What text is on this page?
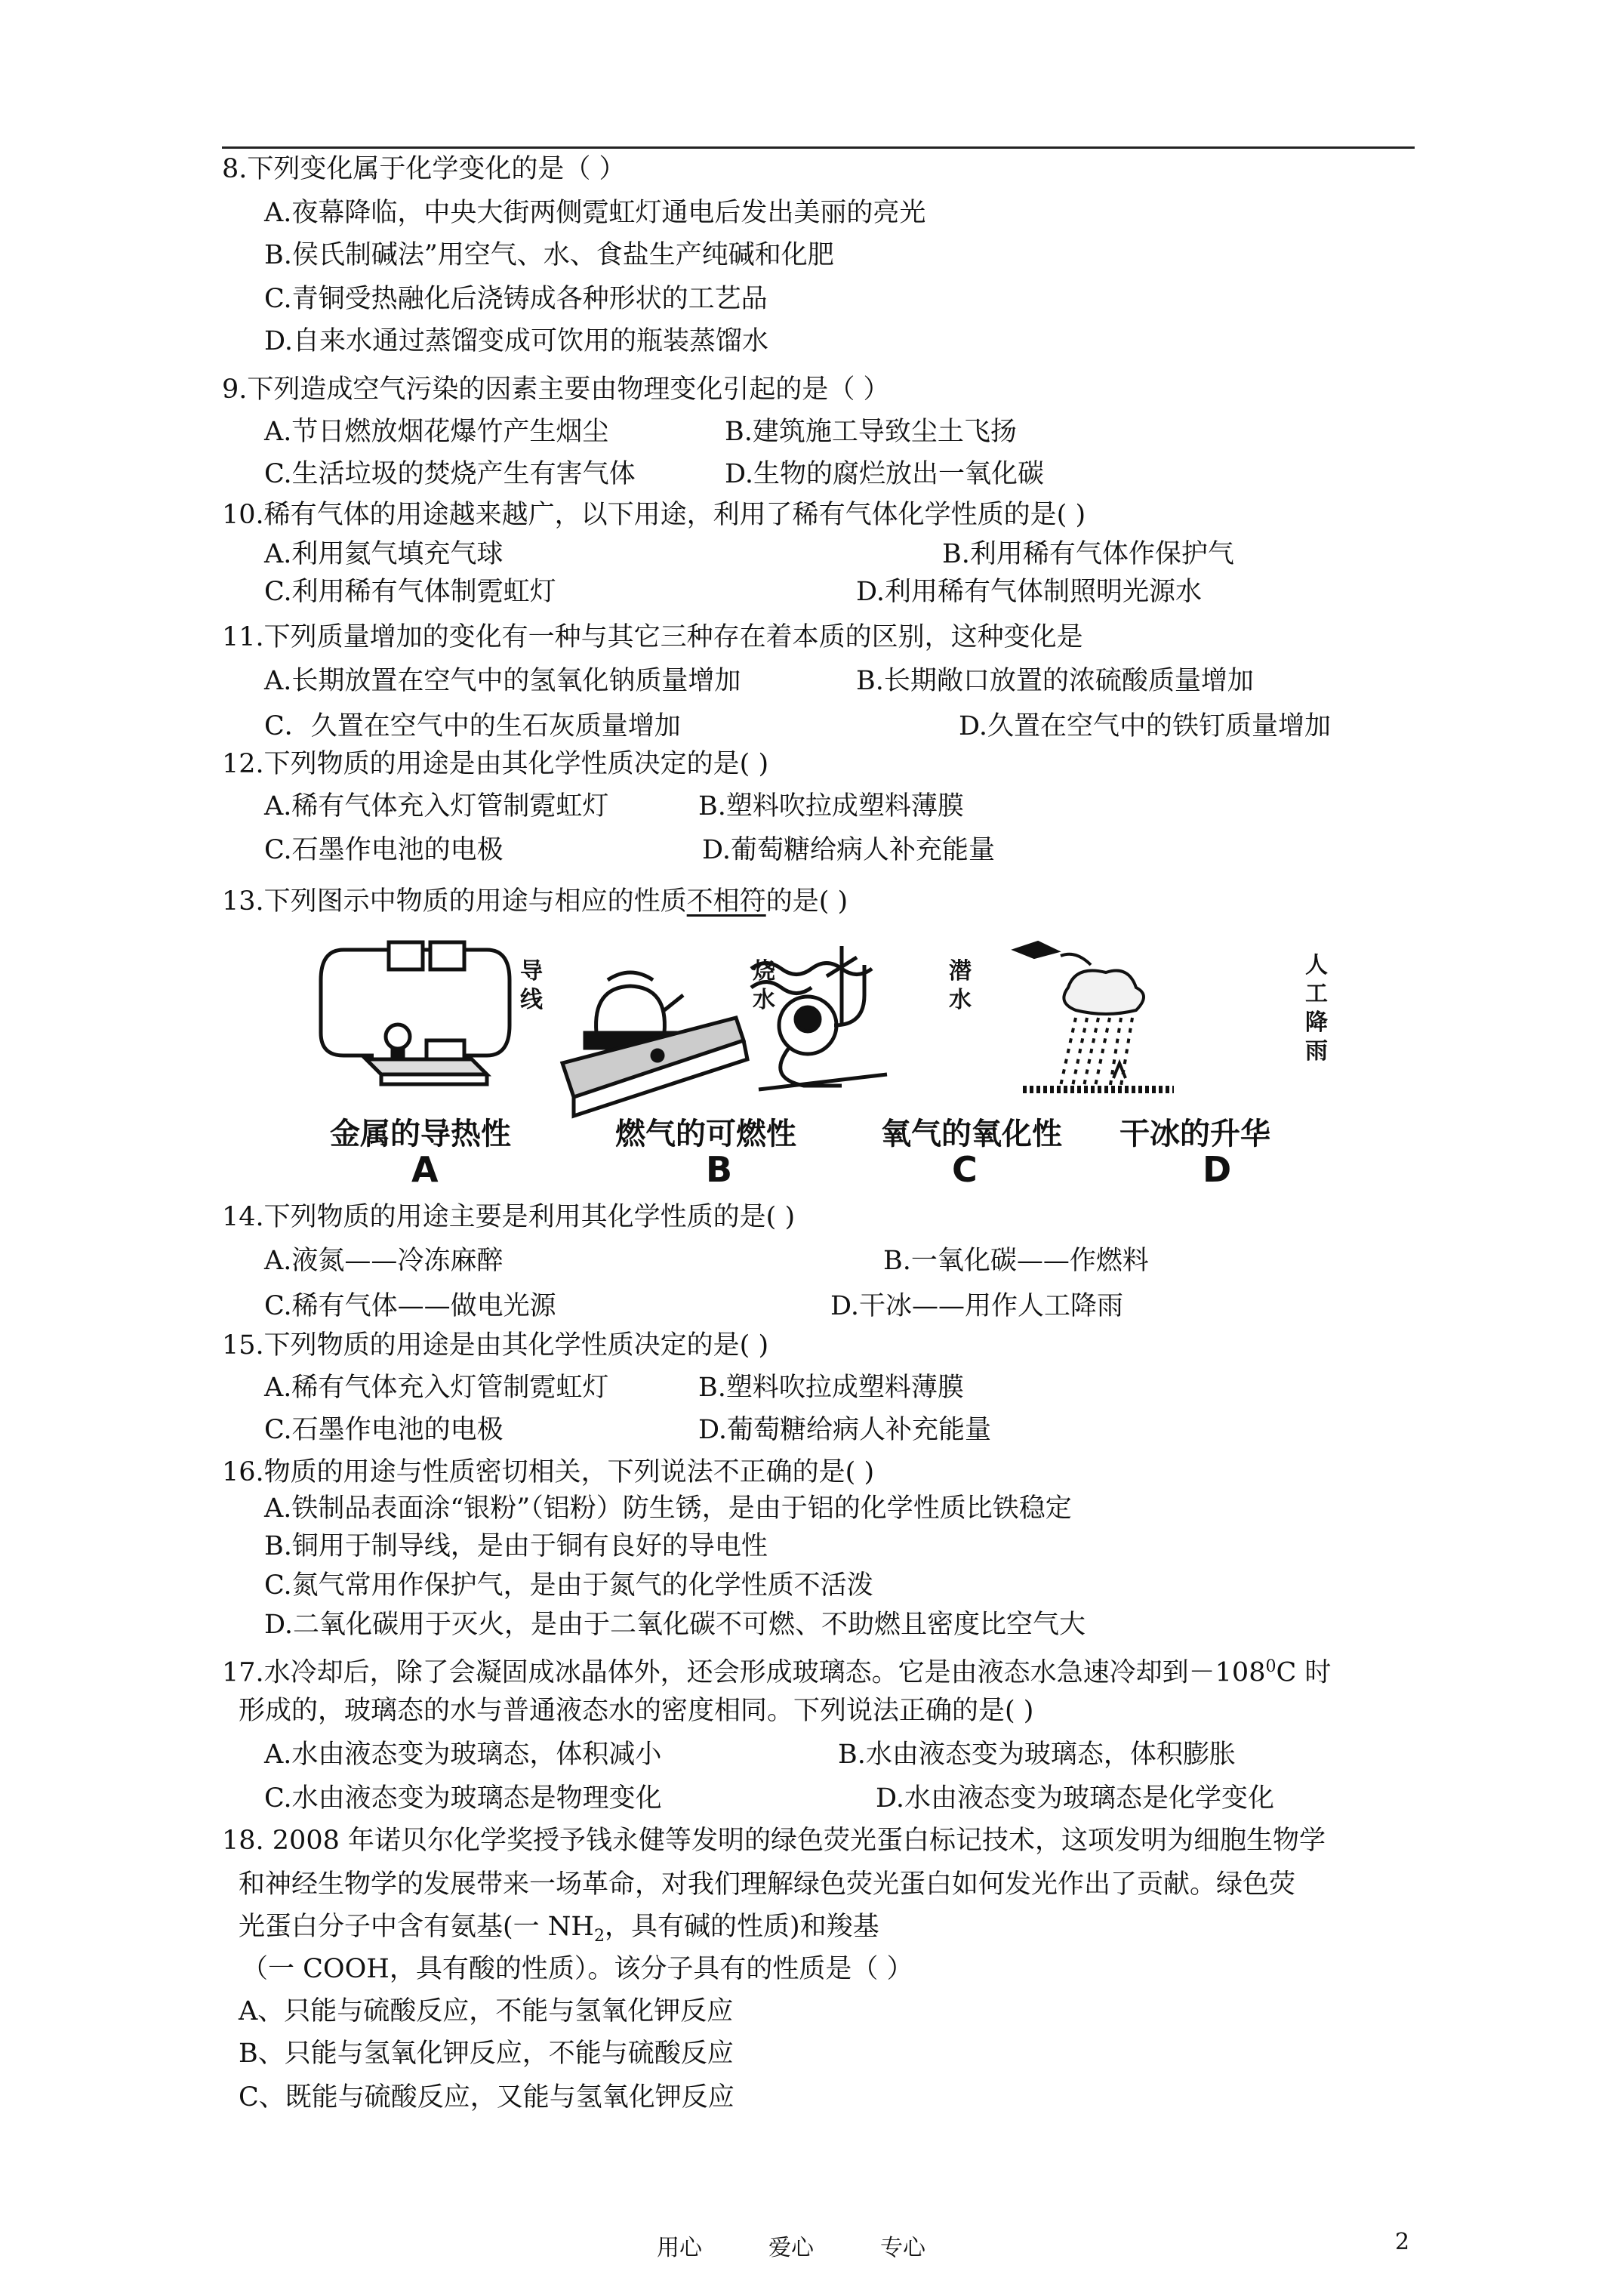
8.下列变化属于化学变化的是（ ）
A.夜幕降临，中央大街两侧霓虹灯通电后发出美丽的亮光
B.侯氏制碱法”用空气、水、食盐生产纯碱和化肥
C.青铜受热融化后浇铸成各种形状的工艺品
D.自来水通过蒸馏变成可饮用的瓶装蒸馏水
9.下列造成空气污染的因素主要由物理变化引起的是（ ）
A.节日燃放烟花爆竹产生烟尘	B.建筑施工导致尘土飞扬
C.生活垃圾的焚烧产生有害气体	D.生物的腐烂放出一氧化碳
10.稀有气体的用途越来越广，以下用途，利用了稀有气体化学性质的是( )
A.利用氦气填充气球	B.利用稀有气体作保护气
C.利用稀有气体制霓虹灯	D.利用稀有气体制照明光源水
11.下列质量增加的变化有一种与其它三种存在着本质的区别，这种变化是
A.长期放置在空气中的氢氧化钠质量增加	B.长期敞口放置的浓硫酸质量增加
C．久置在空气中的生石灰质量增加	D.久置在空气中的铁钉质量增加
12.下列物质的用途是由其化学性质决定的是( )
A.稀有气体充入灯管制霓虹灯	B.塑料吹拉成塑料薄膜
C.石墨作电池的电极	D.葡萄糖给病人补充能量
13.下列图示中物质的用途与相应的性质不相符的是( )
导线
烧水
潜水
人工降雨
金属的导热性	燃气的可燃性	氧气的氧化性 干冰的升华
A	B	C	D
14.下列物质的用途主要是利用其化学性质的是( )
A.液氮——冷冻麻醉	B.一氧化碳——作燃料
C.稀有气体——做电光源	D.干冰——用作人工降雨
15.下列物质的用途是由其化学性质决定的是( )
A.稀有气体充入灯管制霓虹灯	B.塑料吹拉成塑料薄膜
C.石墨作电池的电极	D.葡萄糖给病人补充能量
16.物质的用途与性质密切相关，下列说法不正确的是( )
A.铁制品表面涂“银粉”（铝粉）防生锈，是由于铝的化学性质比铁稳定
B.铜用于制导线，是由于铜有良好的导电性
C.氮气常用作保护气，是由于氮气的化学性质不活泼
D.二氧化碳用于灭火，是由于二氧化碳不可燃、不助燃且密度比空气大
17.水冷却后，除了会凝固成冰晶体外，还会形成玻璃态。它是由液态水急速冷却到$-108^0C$ 时
形成的，玻璃态的水与普通液态水的密度相同。下列说法正确的是( )
A.水由液态变为玻璃态，体积减小	B.水由液态变为玻璃态，体积膨胀
C.水由液态变为玻璃态是物理变化	D.水由液态变为玻璃态是化学变化
18. 2008 年诺贝尔化学奖授予钱永健等发明的绿色荧光蛋白标记技术，这项发明为细胞生物学
和神经生物学的发展带来一场革命，对我们理解绿色荧光蛋白如何发光作出了贡献。绿色荧
光蛋白分子中含有氨基(一 $NH_2$，具有碱的性质)和羧基
（一 COOH，具有酸的性质）。该分子具有的性质是（ ）
A、只能与硫酸反应，不能与氢氧化钾反应
B、只能与氢氧化钾反应，不能与硫酸反应
C、既能与硫酸反应，又能与氢氧化钾反应
用心	爱心	专心	2
